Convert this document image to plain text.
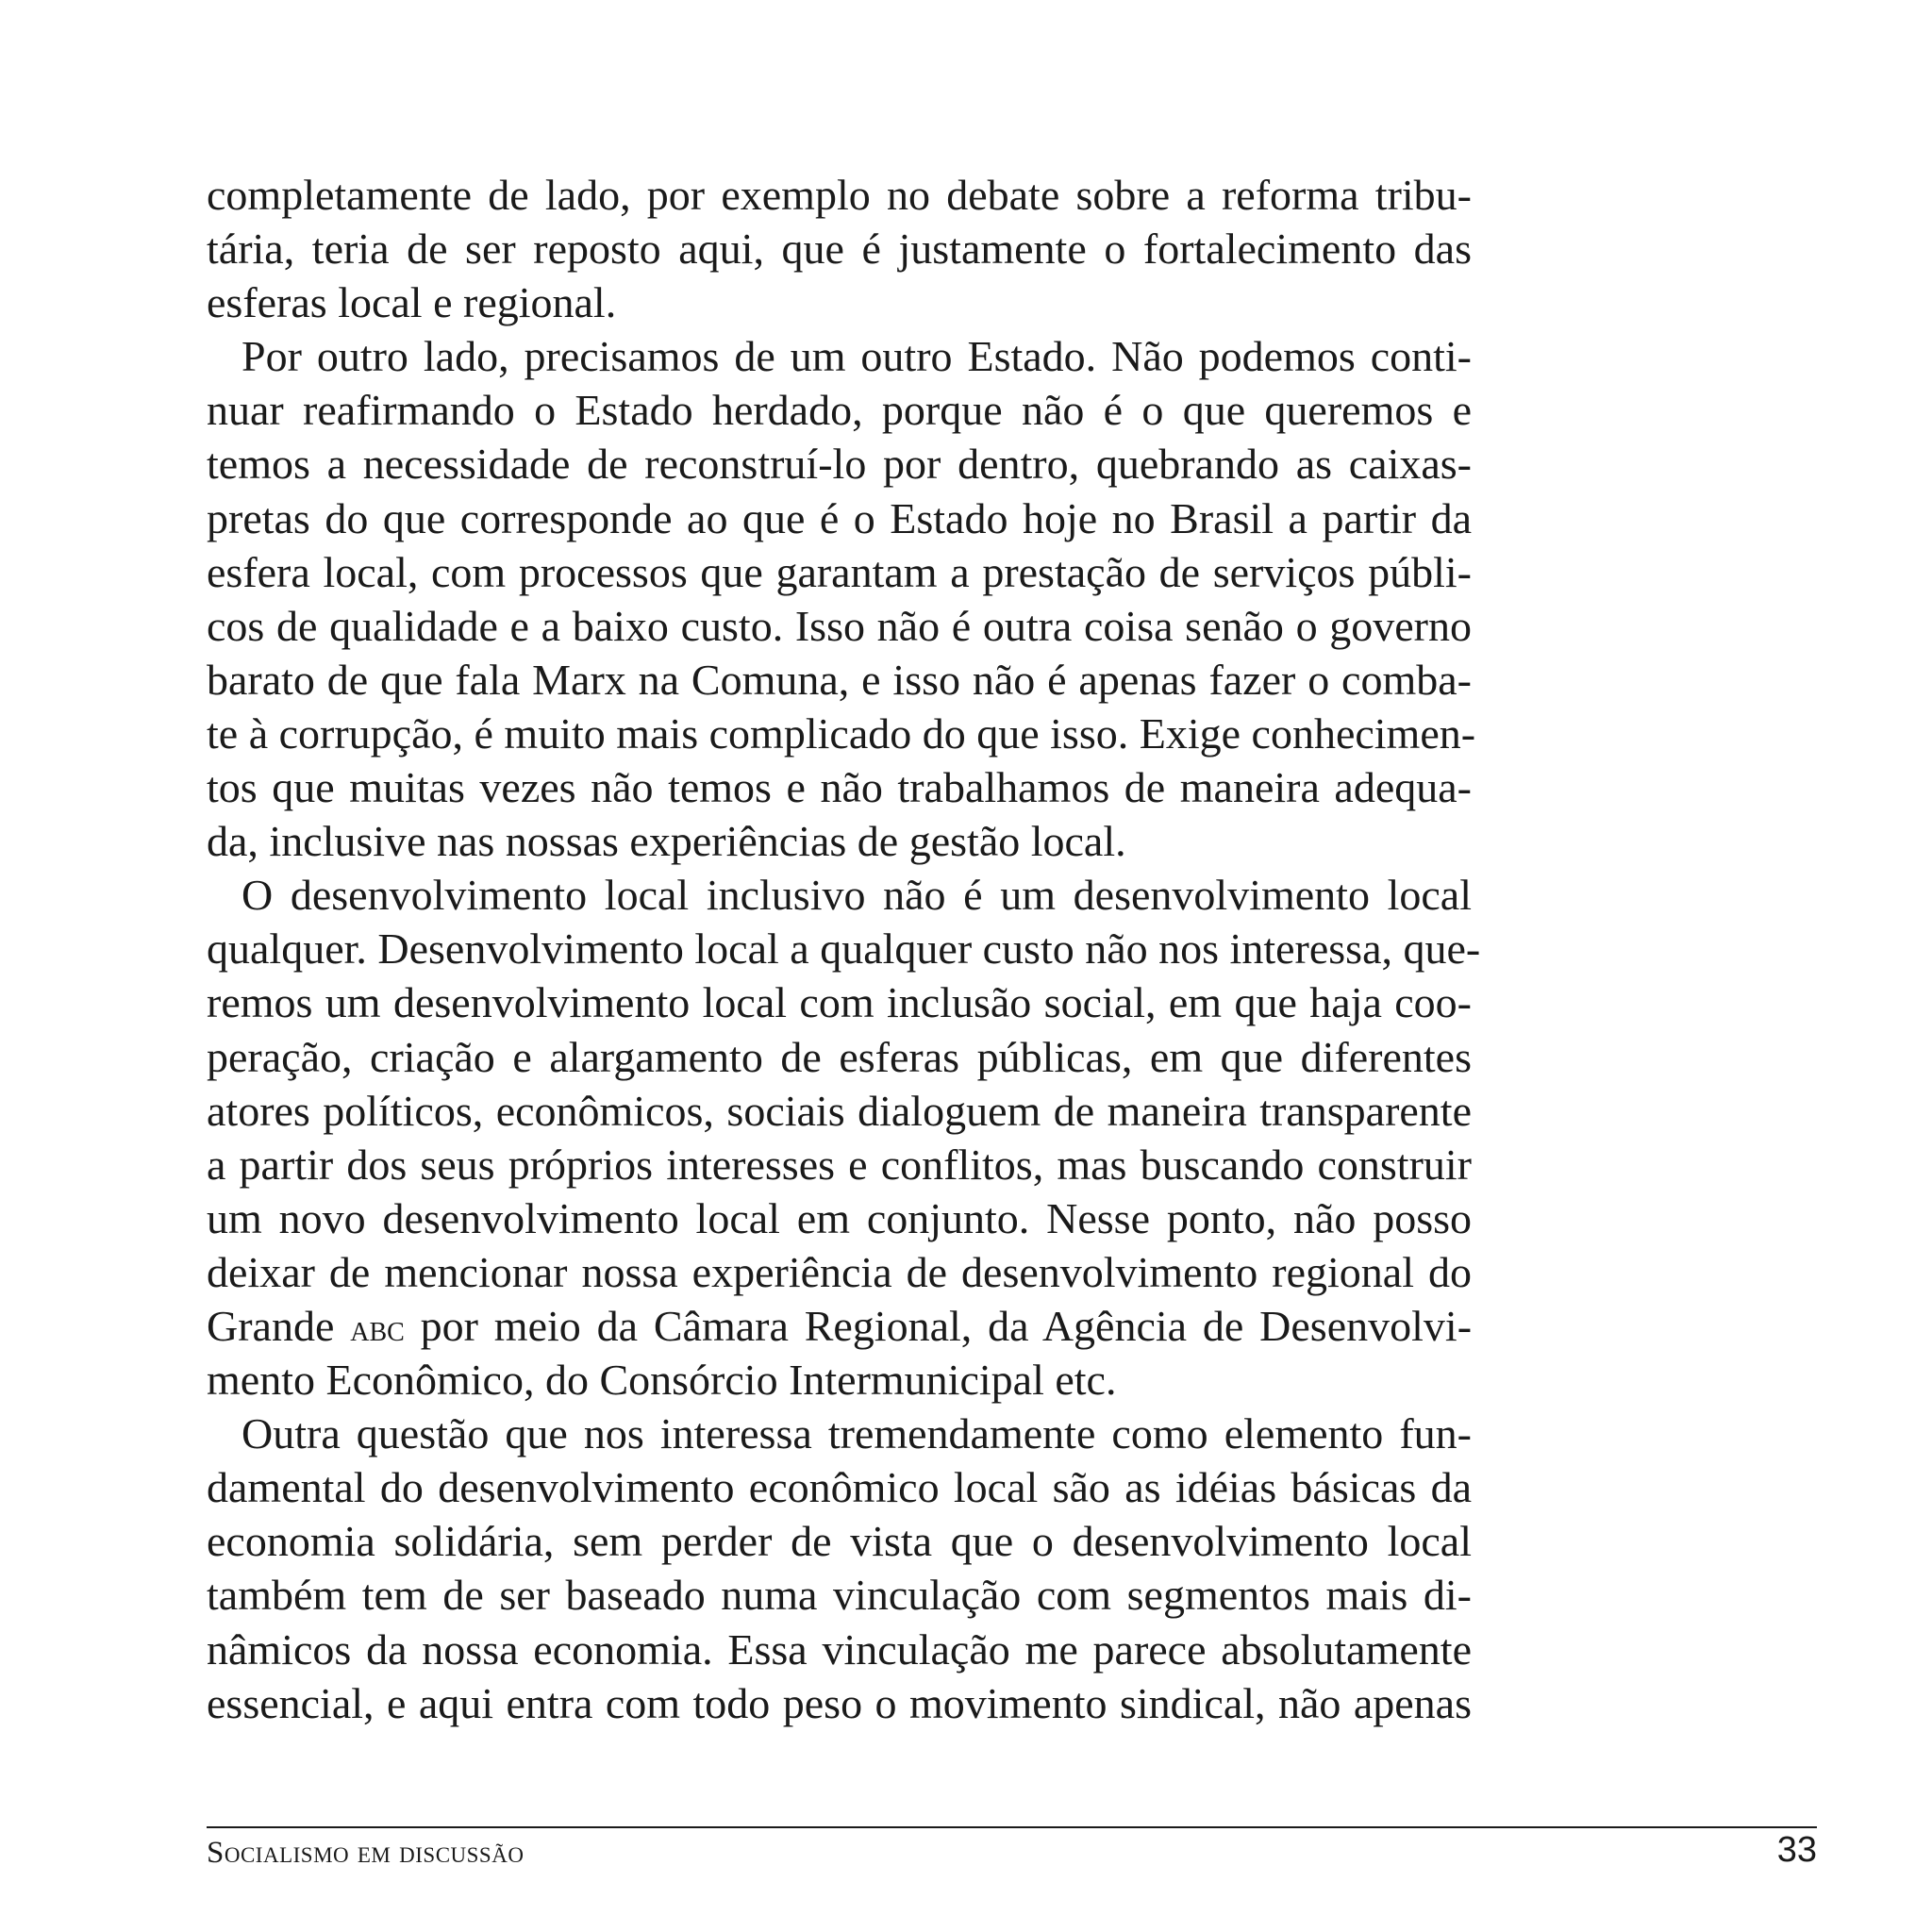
completamente de lado, por exemplo no debate sobre a reforma tribu-
tária, teria de ser reposto aqui, que é justamente o fortalecimento das
esferas local e regional.
Por outro lado, precisamos de um outro Estado. Não podemos conti-
nuar reafirmando o Estado herdado, porque não é o que queremos e
temos a necessidade de reconstruí-lo por dentro, quebrando as caixas-
pretas do que corresponde ao que é o Estado hoje no Brasil a partir da
esfera local, com processos que garantam a prestação de serviços públi-
cos de qualidade e a baixo custo. Isso não é outra coisa senão o governo
barato de que fala Marx na Comuna, e isso não é apenas fazer o comba-
te à corrupção, é muito mais complicado do que isso. Exige conhecimen-
tos que muitas vezes não temos e não trabalhamos de maneira adequa-
da, inclusive nas nossas experiências de gestão local.
O desenvolvimento local inclusivo não é um desenvolvimento local
qualquer. Desenvolvimento local a qualquer custo não nos interessa, que-
remos um desenvolvimento local com inclusão social, em que haja coo-
peração, criação e alargamento de esferas públicas, em que diferentes
atores políticos, econômicos, sociais dialoguem de maneira transparente
a partir dos seus próprios interesses e conflitos, mas buscando construir
um novo desenvolvimento local em conjunto. Nesse ponto, não posso
deixar de mencionar nossa experiência de desenvolvimento regional do
Grande abc por meio da Câmara Regional, da Agência de Desenvolvi-
mento Econômico, do Consórcio Intermunicipal etc.
Outra questão que nos interessa tremendamente como elemento fun-
damental do desenvolvimento econômico local são as idéias básicas da
economia solidária, sem perder de vista que o desenvolvimento local
também tem de ser baseado numa vinculação com segmentos mais di-
nâmicos da nossa economia. Essa vinculação me parece absolutamente
essencial, e aqui entra com todo peso o movimento sindical, não apenas
Socialismo em discussão	33
